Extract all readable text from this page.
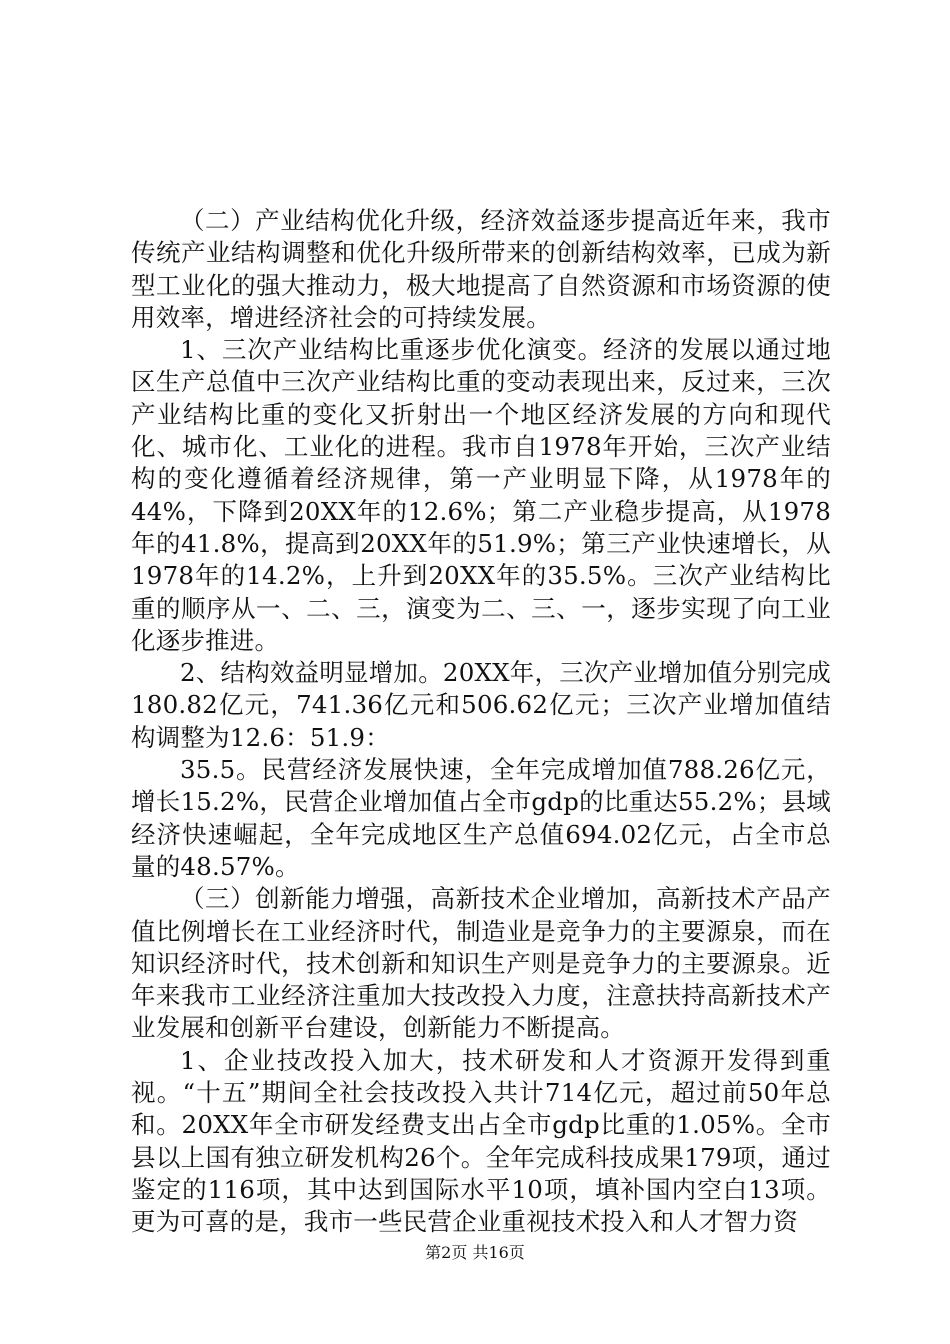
（二）产业结构优化升级，经济效益逐步提高近年来，我市传统产业结构调整和优化升级所带来的创新结构效率，已成为新型工业化的强大推动力，极大地提高了自然资源和市场资源的使用效率，增进经济社会的可持续发展。

1、三次产业结构比重逐步优化演变。经济的发展以通过地区生产总值中三次产业结构比重的变动表现出来，反过来，三次产业结构比重的变化又折射出一个地区经济发展的方向和现代化、城市化、工业化的进程。我市自1978年开始，三次产业结构的变化遵循着经济规律，第一产业明显下降，从1978年的44%，下降到20XX年的12.6%；第二产业稳步提高，从1978年的41.8%，提高到20XX年的51.9%；第三产业快速增长，从1978年的14.2%，上升到20XX年的35.5%。三次产业结构比重的顺序从一、二、三，演变为二、三、一，逐步实现了向工业化逐步推进。

2、结构效益明显增加。20XX年，三次产业增加值分别完成180.82亿元，741.36亿元和506.62亿元；三次产业增加值结构调整为12.6：51.9：

35.5。民营经济发展快速，全年完成增加值788.26亿元，增长15.2%，民营企业增加值占全市gdp的比重达55.2%；县域经济快速崛起，全年完成地区生产总值694.02亿元，占全市总量的48.57%。

（三）创新能力增强，高新技术企业增加，高新技术产品产值比例增长在工业经济时代，制造业是竞争力的主要源泉，而在知识经济时代，技术创新和知识生产则是竞争力的主要源泉。近年来我市工业经济注重加大技改投入力度，注意扶持高新技术产业发展和创新平台建设，创新能力不断提高。

1、企业技改投入加大，技术研发和人才资源开发得到重视。“十五”期间全社会技改投入共计714亿元，超过前50年总和。20XX年全市研发经费支出占全市gdp比重的1.05%。全市县以上国有独立研发机构26个。全年完成科技成果179项，通过鉴定的116项，其中达到国际水平10项，填补国内空白13项。更为可喜的是，我市一些民营企业重视技术投入和人才智力资

第2页 共16页
